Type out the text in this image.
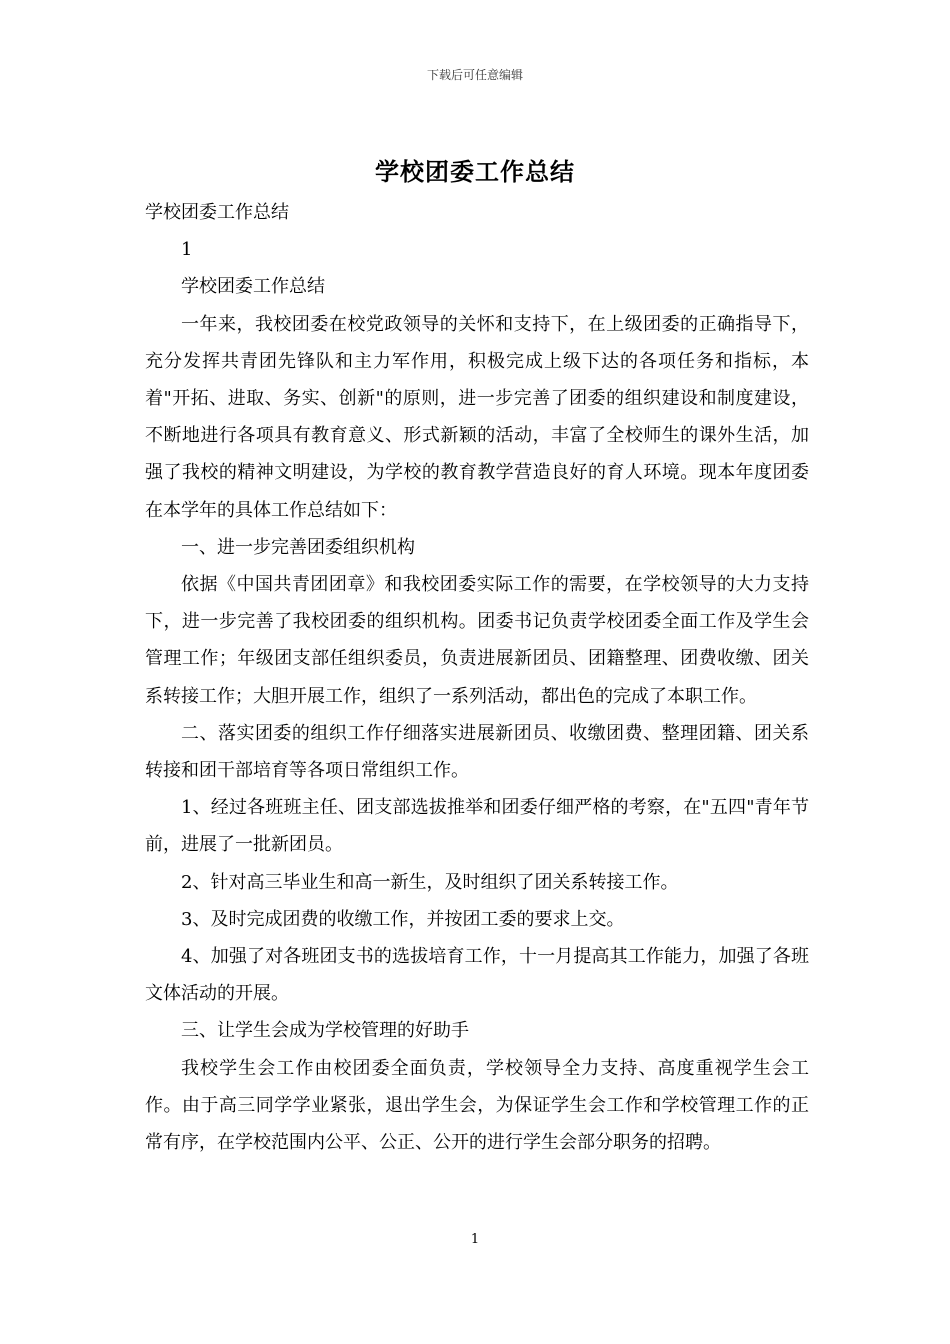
下载后可任意编辑
学校团委工作总结

学校团委工作总结

1

学校团委工作总结

一年来，我校团委在校党政领导的关怀和支持下，在上级团委的正确指导下，充分发挥共青团先锋队和主力军作用，积极完成上级下达的各项任务和指标，本着"开拓、进取、务实、创新"的原则，进一步完善了团委的组织建设和制度建设，不断地进行各项具有教育意义、形式新颖的活动，丰富了全校师生的课外生活，加强了我校的精神文明建设，为学校的教育教学营造良好的育人环境。现本年度团委在本学年的具体工作总结如下：

一、进一步完善团委组织机构

依据《中国共青团团章》和我校团委实际工作的需要，在学校领导的大力支持下，进一步完善了我校团委的组织机构。团委书记负责学校团委全面工作及学生会管理工作；年级团支部任组织委员，负责进展新团员、团籍整理、团费收缴、团关系转接工作；大胆开展工作，组织了一系列活动，都出色的完成了本职工作。

二、落实团委的组织工作仔细落实进展新团员、收缴团费、整理团籍、团关系转接和团干部培育等各项日常组织工作。

1、经过各班班主任、团支部选拔推举和团委仔细严格的考察，在"五四"青年节前，进展了一批新团员。

2、针对高三毕业生和高一新生，及时组织了团关系转接工作。

3、及时完成团费的收缴工作，并按团工委的要求上交。

4、加强了对各班团支书的选拔培育工作，十一月提高其工作能力，加强了各班文体活动的开展。

三、让学生会成为学校管理的好助手

我校学生会工作由校团委全面负责，学校领导全力支持、高度重视学生会工作。由于高三同学学业紧张，退出学生会，为保证学生会工作和学校管理工作的正常有序，在学校范围内公平、公正、公开的进行学生会部分职务的招聘。

1
